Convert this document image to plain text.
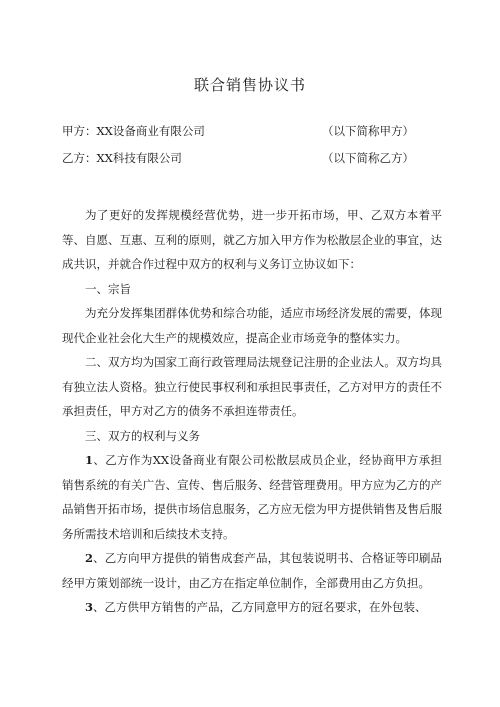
联合销售协议书
甲方：XX设备商业有限公司	（以下简称甲方）
乙方：XX科技有限公司	（以下简称乙方）

为了更好的发挥规模经营优势，进一步开拓市场，甲、乙双方本着平等、自愿、互惠、互利的原则，就乙方加入甲方作为松散层企业的事宜，达成共识，并就合作过程中双方的权利与义务订立协议如下：

一、宗旨

为充分发挥集团群体优势和综合功能，适应市场经济发展的需要，体现现代企业社会化大生产的规模效应，提高企业市场竞争的整体实力。

二、双方均为国家工商行政管理局法规登记注册的企业法人。双方均具有独立法人资格。独立行使民事权利和承担民事责任，乙方对甲方的责任不承担责任，甲方对乙方的债务不承担连带责任。

三、双方的权利与义务

1、乙方作为XX设备商业有限公司松散层成员企业，经协商甲方承担销售系统的有关广告、宣传、售后服务、经营管理费用。甲方应为乙方的产品销售开拓市场，提供市场信息服务，乙方应无偿为甲方提供销售及售后服务所需技术培训和后续技术支持。

2、乙方向甲方提供的销售成套产品，其包装说明书、合格证等印刷品经甲方策划部统一设计，由乙方在指定单位制作，全部费用由乙方负担。

3、乙方供甲方销售的产品，乙方同意甲方的冠名要求，在外包装、
